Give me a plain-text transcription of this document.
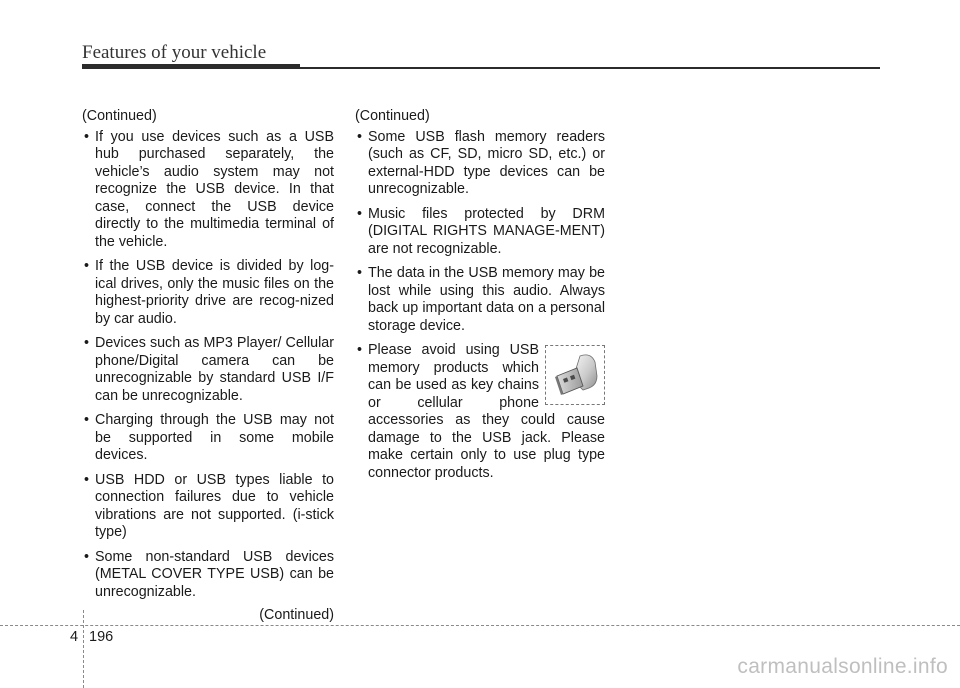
Features of your vehicle
(Continued)
• If you use devices such as a USB hub purchased separately, the vehicle’s audio system may not recognize the USB device. In that case, connect the USB device directly to the multimedia terminal of the vehicle.
• If the USB device is divided by log-ical drives, only the music files on the highest-priority drive are recog-nized by car audio.
• Devices such as MP3 Player/ Cellular phone/Digital camera can be unrecognizable by standard USB I/F can be unrecognizable.
• Charging through the USB may not be supported in some mobile devices.
• USB HDD or USB types liable to connection failures due to vehicle vibrations are not supported. (i-stick type)
• Some non-standard USB devices (METAL COVER TYPE USB) can be unrecognizable.
(Continued)
(Continued)
• Some USB flash memory readers (such as CF, SD, micro SD, etc.) or external-HDD type devices can be unrecognizable.
• Music files protected by DRM (DIGITAL RIGHTS MANAGE-MENT) are not recognizable.
• The data in the USB memory may be lost while using this audio. Always back up important data on a personal storage device.
• Please avoid using USB memory products which can be used as key chains or cellular phone accessories as they could cause damage to the USB jack. Please make certain only to use plug type connector products.
4 196
carmanualsonline.info
